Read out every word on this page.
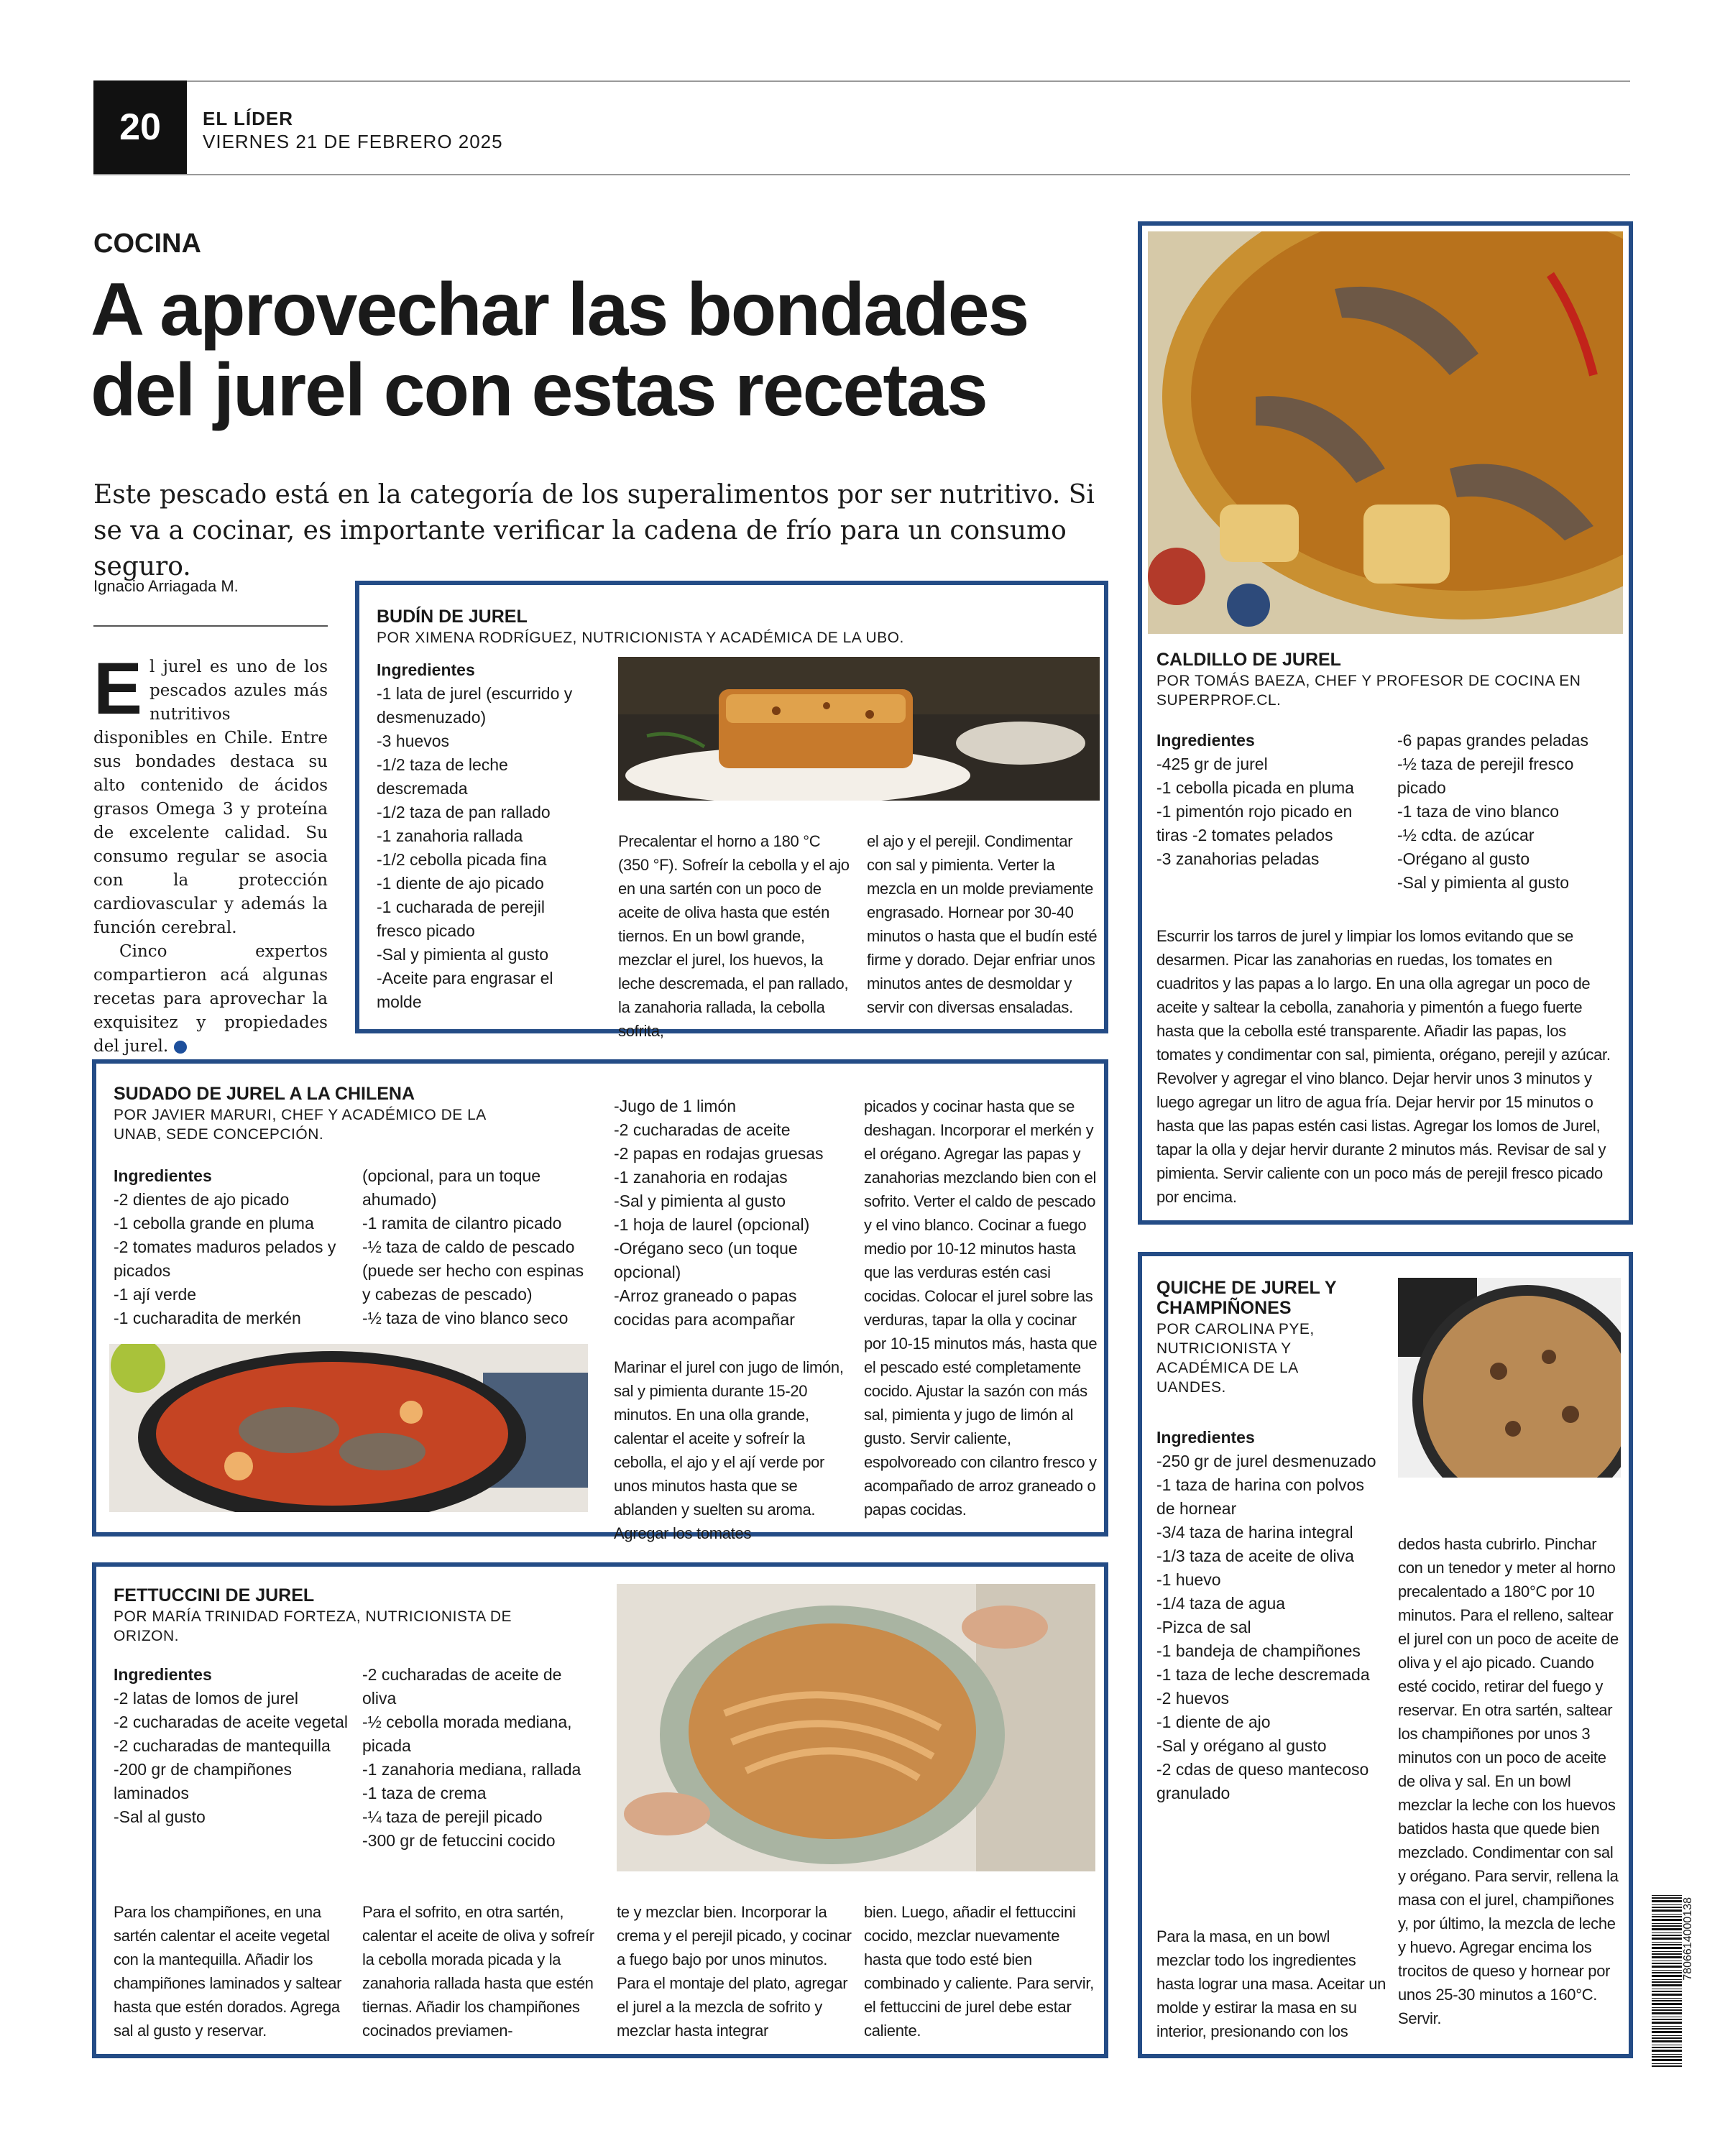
20	EL LÍDER
VIERNES 21 DE FEBRERO 2025
COCINA
A aprovechar las bondades
del jurel con estas recetas

Este pescado está en la categoría de los superalimentos por ser nutritivo. Si se va a cocinar, es importante verificar la cadena de frío para un consumo seguro.

Ignacio Arriagada M.
El jurel es uno de los pescados azules más nutritivos disponibles en Chile. Entre sus bondades destaca su alto contenido de ácidos grasos Omega 3 y proteína de excelente calidad. Su consumo regular se asocia con la protección cardiovascular y además la función cerebral.
Cinco expertos compartieron acá algunas recetas para aprovechar la exquisitez y propiedades del jurel.	✪
BUDÍN DE JUREL
POR XIMENA RODRÍGUEZ, NUTRICIONISTA Y ACADÉMICA DE LA UBO.
Ingredientes
-1 lata de jurel (escurrido y desmenuzado)
-3 huevos
-1/2 taza de leche descremada
-1/2 taza de pan rallado
-1 zanahoria rallada
-1/2 cebolla picada fina
-1 diente de ajo picado
-1 cucharada de perejil fresco picado
-Sal y pimienta al gusto
-Aceite para engrasar el molde

Precalentar el horno a 180 °C (350 °F). Sofreír la cebolla y el ajo en una sartén con un poco de aceite de oliva hasta que estén tiernos. En un bowl grande, mezclar el jurel, los huevos, la leche descremada, el pan rallado, la zanahoria rallada, la cebolla sofrita,

el ajo y el perejil. Condimentar con sal y pimienta. Verter la mezcla en un molde previamente engrasado. Hornear por 30-40 minutos o hasta que el budín esté firme y dorado. Dejar enfriar unos minutos antes de desmoldar y servir con diversas ensaladas.

CALDILLO DE JUREL
POR TOMÁS BAEZA, CHEF Y PROFESOR DE COCINA EN SUPERPROF.CL.
Ingredientes
-425 gr de jurel
-1 cebolla picada en pluma
-1 pimentón rojo picado en tiras -2 tomates pelados
-3 zanahorias peladas
-6 papas grandes peladas
-½ taza de perejil fresco picado
-1 taza de vino blanco
-½ cdta. de azúcar
-Orégano al gusto
-Sal y pimienta al gusto

Escurrir los tarros de jurel y limpiar los lomos evitando que se desarmen. Picar las zanahorias en ruedas, los tomates en cuadritos y las papas a lo largo. En una olla agregar un poco de aceite y saltear la cebolla, zanahoria y pimentón a fuego fuerte hasta que la cebolla esté transparente. Añadir las papas, los tomates y condimentar con sal, pimienta, orégano, perejil y azúcar. Revolver y agregar el vino blanco. Dejar hervir unos 3 minutos y luego agregar un litro de agua fría. Dejar hervir por 15 minutos o hasta que las papas estén casi listas. Agregar los lomos de Jurel, tapar la olla y dejar hervir durante 2 minutos más. Revisar de sal y pimienta. Servir caliente con un poco más de perejil fresco picado por encima.

SUDADO DE JUREL A LA CHILENA
POR JAVIER MARURI, CHEF Y ACADÉMICO DE LA UNAB, SEDE CONCEPCIÓN.
Ingredientes
-2 dientes de ajo picado
-1 cebolla grande en pluma
-2 tomates maduros pelados y picados
-1 ají verde
-1 cucharadita de merkén
(opcional, para un toque ahumado)
-1 ramita de cilantro picado
-½ taza de caldo de pescado (puede ser hecho con espinas y cabezas de pescado)
-½ taza de vino blanco seco
-Jugo de 1 limón
-2 cucharadas de aceite
-2 papas en rodajas gruesas
-1 zanahoria en rodajas
-Sal y pimienta al gusto
-1 hoja de laurel (opcional)
-Orégano seco (un toque opcional)
-Arroz graneado o papas cocidas para acompañar

Marinar el jurel con jugo de limón, sal y pimienta durante 15-20 minutos. En una olla grande, calentar el aceite y sofreír la cebolla, el ajo y el ají verde por unos minutos hasta que se ablanden y suelten su aroma. Agregar los tomates

picados y cocinar hasta que se deshagan. Incorporar el merkén y el orégano. Agregar las papas y zanahorias mezclando bien con el sofrito. Verter el caldo de pescado y el vino blanco. Cocinar a fuego medio por 10-12 minutos hasta que las verduras estén casi cocidas. Colocar el jurel sobre las verduras, tapar la olla y cocinar por 10-15 minutos más, hasta que el pescado esté completamente cocido. Ajustar la sazón con más sal, pimienta y jugo de limón al gusto. Servir caliente, espolvoreado con cilantro fresco y acompañado de arroz graneado o papas cocidas.

QUICHE DE JUREL Y
CHAMPIÑONES
POR CAROLINA PYE, NUTRICIONISTA Y ACADÉMICA DE LA UANDES.
Ingredientes
-250 gr de jurel desmenuzado
-1 taza de harina con polvos de hornear
-3/4 taza de harina integral
-1/3 taza de aceite de oliva
-1 huevo
-1/4 taza de agua
-Pizca de sal
-1 bandeja de champiñones
-1 taza de leche descremada
-2 huevos
-1 diente de ajo
-Sal y orégano al gusto
-2 cdas de queso mantecoso granulado

Para la masa, en un bowl mezclar todo los ingredientes hasta lograr una masa. Aceitar un molde y estirar la masa en su interior, presionando con los

dedos hasta cubrirlo. Pinchar con un tenedor y meter al horno precalentado a 180°C por 10 minutos. Para el relleno, saltear el jurel con un poco de aceite de oliva y el ajo picado. Cuando esté cocido, retirar del fuego y reservar. En otra sartén, saltear los champiñones por unos 3 minutos con un poco de aceite de oliva y sal. En un bowl mezclar la leche con los huevos batidos hasta que quede bien mezclado. Condimentar con sal y orégano. Para servir, rellena la masa con el jurel, champiñones y, por último, la mezcla de leche y huevo. Agregar encima los trocitos de queso y hornear por unos 25-30 minutos a 160°C. Servir.

FETTUCCINI DE JUREL
POR MARÍA TRINIDAD FORTEZA, NUTRICIONISTA DE ORIZON.
Ingredientes
-2 latas de lomos de jurel
-2 cucharadas de aceite vegetal
-2 cucharadas de mantequilla
-200 gr de champiñones laminados
-Sal al gusto
-2 cucharadas de aceite de oliva
-½ cebolla morada mediana, picada
-1 zanahoria mediana, rallada
-1 taza de crema
-¼ taza de perejil picado
-300 gr de fetuccini cocido

Para los champiñones, en una sartén calentar el aceite vegetal con la mantequilla. Añadir los champiñones laminados y saltear hasta que estén dorados. Agrega sal al gusto y reservar.

Para el sofrito, en otra sartén, calentar el aceite de oliva y sofreír la cebolla morada picada y la zanahoria rallada hasta que estén tiernas. Añadir los champiñones cocinados previamen-

te y mezclar bien. Incorporar la crema y el perejil picado, y cocinar a fuego bajo por unos minutos. Para el montaje del plato, agregar el jurel a la mezcla de sofrito y mezclar hasta integrar

bien. Luego, añadir el fettuccini cocido, mezclar nuevamente hasta que todo esté bien combinado y caliente. Para servir, el fettuccini de jurel debe estar caliente.

7806614000138
